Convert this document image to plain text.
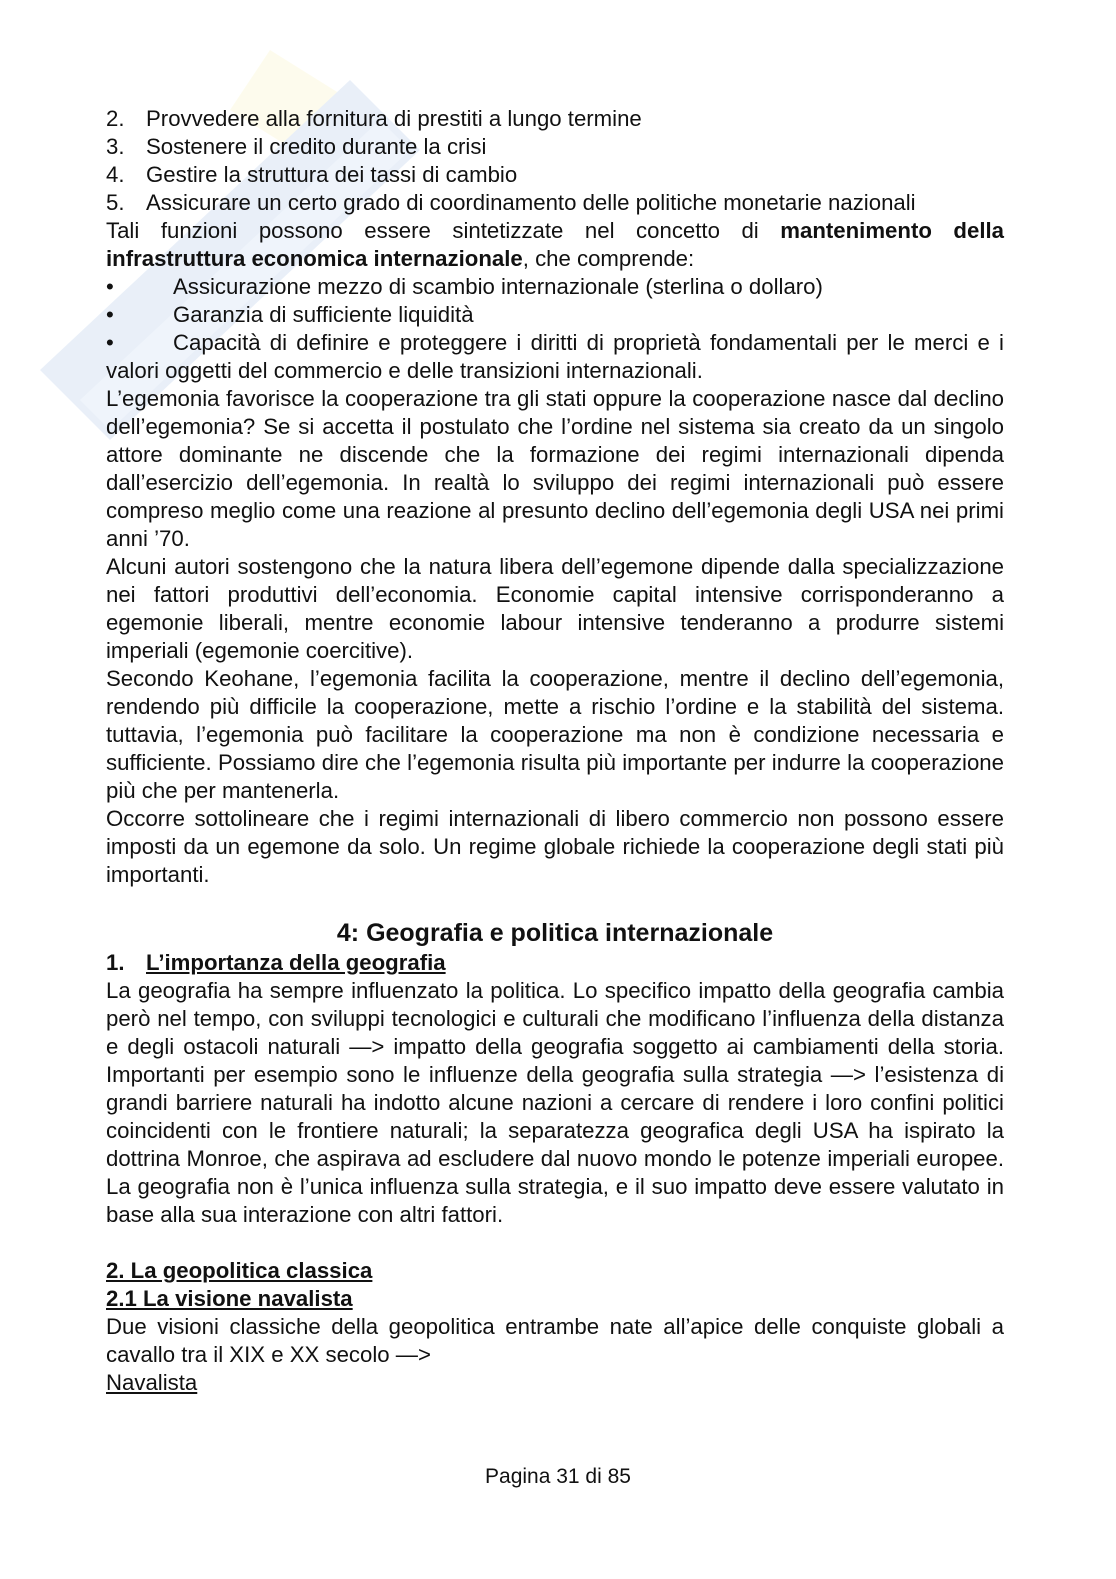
2. Provvedere alla fornitura di prestiti a lungo termine
3. Sostenere il credito durante la crisi
4. Gestire la struttura dei tassi di cambio
5. Assicurare un certo grado di coordinamento delle politiche monetarie nazionali

Tali funzioni possono essere sintetizzate nel concetto di mantenimento della infrastruttura economica internazionale, che comprende:

•	Assicurazione mezzo di scambio internazionale (sterlina o dollaro)
•	Garanzia di sufficiente liquidità
•	Capacità di definire e proteggere i diritti di proprietà fondamentali per le merci e i valori oggetti del commercio e delle transizioni internazionali.

L’egemonia favorisce la cooperazione tra gli stati oppure la cooperazione nasce dal declino dell’egemonia? Se si accetta il postulato che l’ordine nel sistema sia creato da un singolo attore dominante ne discende che la formazione dei regimi internazionali dipenda dall’esercizio dell’egemonia. In realtà lo sviluppo dei regimi internazionali può essere compreso meglio come una reazione al presunto declino dell’egemonia degli USA nei primi anni ’70.

Alcuni autori sostengono che la natura libera dell’egemone dipende dalla specializzazione nei fattori produttivi dell’economia. Economie capital intensive corrisponderanno a egemonie liberali, mentre economie labour intensive tenderanno a produrre sistemi imperiali (egemonie coercitive).

Secondo Keohane, l’egemonia facilita la cooperazione, mentre il declino dell’egemonia, rendendo più difficile la cooperazione, mette a rischio l’ordine e la stabilità del sistema. tuttavia, l’egemonia può facilitare la cooperazione ma non è condizione necessaria e sufficiente. Possiamo dire che l’egemonia risulta più importante per indurre la cooperazione più che per mantenerla.

Occorre sottolineare che i regimi internazionali di libero commercio non possono essere imposti da un egemone da solo. Un regime globale richiede la cooperazione degli stati più importanti.

4: Geografia e politica internazionale
1. L’importanza della geografia

La geografia ha sempre influenzato la politica. Lo specifico impatto della geografia cambia però nel tempo, con sviluppi tecnologici e culturali che modificano l’influenza della distanza e degli ostacoli naturali —> impatto della geografia soggetto ai cambiamenti della storia. Importanti per esempio sono le influenze della geografia sulla strategia —> l’esistenza di grandi barriere naturali ha indotto alcune nazioni a cercare di rendere i loro confini politici coincidenti con le frontiere naturali; la separatezza geografica degli USA ha ispirato la dottrina Monroe, che aspirava ad escludere dal nuovo mondo le potenze imperiali europee. La geografia non è l’unica influenza sulla strategia, e il suo impatto deve essere valutato in base alla sua interazione con altri fattori.

2. La geopolitica classica
2.1 La visione navalista

Due visioni classiche della geopolitica entrambe nate all’apice delle conquiste globali a cavallo tra il XIX e XX secolo —>

Navalista
Pagina 31 di 85
